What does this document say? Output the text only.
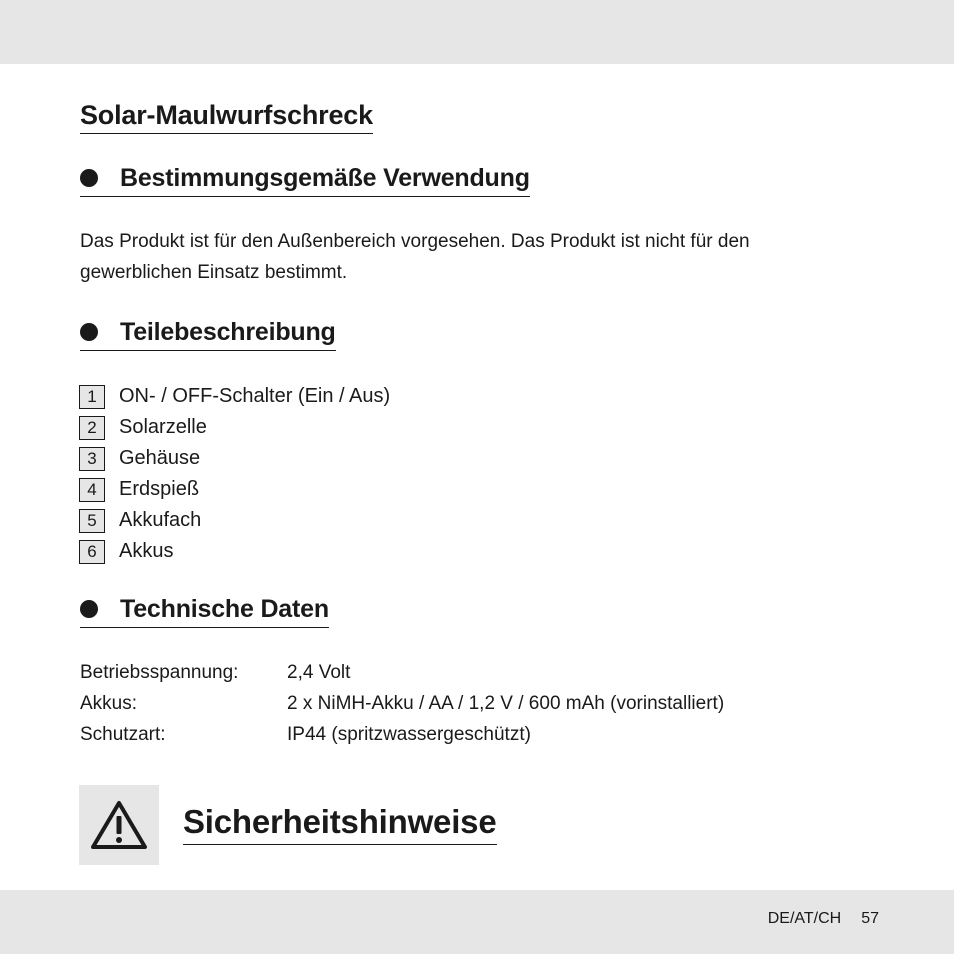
Solar-Maulwurfschreck
Bestimmungsgemäße Verwendung
Das Produkt ist für den Außenbereich vorgesehen. Das Produkt ist nicht für den
gewerblichen Einsatz bestimmt.
Teilebeschreibung
1	ON- / OFF-Schalter (Ein / Aus)
2	Solarzelle
3	Gehäuse
4	Erdspieß
5	Akkufach
6	Akkus
Technische Daten
Betriebsspannung:	2,4 Volt
Akkus:	2 x NiMH-Akku / AA / 1,2 V / 600 mAh (vorinstalliert)
Schutzart:	IP44 (spritzwassergeschützt)
Sicherheitshinweise
DE/AT/CH 57
